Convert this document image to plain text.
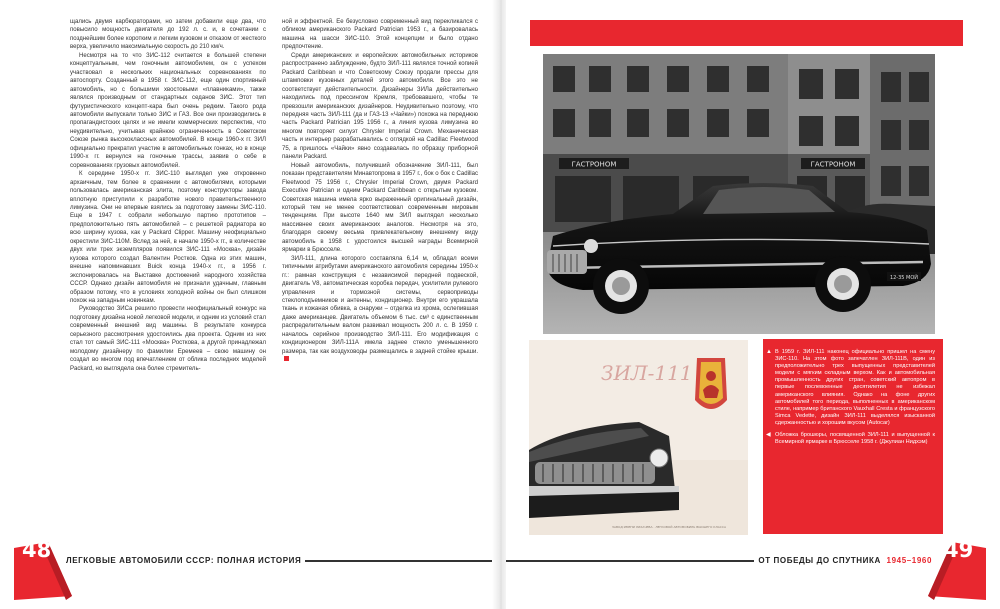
щались двумя карбюраторами, но затем добавили еще два, что повысило мощность двигателя до 192 л. с. и, в сочетании с позднейшим более коротким и легким кузовом и отказом от жесткого верха, увеличило максимальную скорость до 210 км/ч.

Несмотря на то что ЗИС-112 считается в большей степени концептуальным, чем гоночным автомобилем, он с успехом участвовал в нескольких национальных соревнованиях по автоспорту. Созданный в 1958 г. ЗИС-112, еще один спортивный автомобиль, но с большими хвостовыми «плавниками», также являлся производным от стандартных седанов ЗИС. Этот тип футуристического концепт-кара был очень редким. Такого рода автомобили выпускали только ЗИС и ГАЗ. Все они производились в пропагандистских целях и не имели коммерческих перспектив, что неудивительно, учитывая крайнюю ограниченность в Советском Союзе рынка высококлассных автомобилей. В конце 1960-х гг. ЗИЛ официально прекратил участие в автомобильных гонках, но в конце 1990-х гг. вернулся на гоночные трассы, заявив о себе в соревнованиях грузовых автомобилей.

К середине 1950-х гг. ЗИС-110 выглядел уже откровенно архаичным, тем более в сравнении с автомобилями, которыми пользовалась американская элита, поэтому конструкторы завода вплотную приступили к разработке нового правительственного лимузина. Они не впервые взялись за подготовку замены ЗИС-110. Еще в 1947 г. собрали небольшую партию прототипов – предположительно пять автомобилей – с решеткой радиатора во всю ширину кузова, как у Packard Clipper. Машину неофициально окрестили ЗИС-110М. Вслед за ней, в начале 1950-х гг., в количестве двух или трех экземпляров появился ЗИС-111 «Москва», дизайн кузова которого создал Валентин Ростков. Одна из этих машин, внешне напоминавших Buick конца 1940-х гг., в 1956 г. экспонировалась на Выставке достижений народного хозяйства СССР. Однако дизайн автомобиля не признали удачным, главным образом потому, что в условиях холодной войны он был слишком похож на западным новинкам.

Руководство ЗИСа решило провести неофициальный конкурс на подготовку дизайна новой легковой модели, и одним из условий стал современный внешний вид машины. В результате конкурса серьезного рассмотрения удостоились два проекта. Одним из них стал тот самый ЗИС-111 «Москва» Росткова, а другой принадлежал молодому дизайнеру по фамилии Еремеев – свою машину он создал во многом под впечатлением от облика последних моделей Packard, но выглядела она более стремитель-

ной и эффектной. Ее безусловно современный вид перекликался с обликом американского Packard Patrician 1953 г., а базировалась машина на шасси ЗИС-110. Этой концепции и было отдано предпочтение.

Среди американских и европейских автомобильных историков распространено заблуждение, будто ЗИЛ-111 являлся точной копией Packard Caribbean и что Советскому Союзу продали прессы для штамповки кузовных деталей этого автомобиля. Все это не соответствует действительности. Дизайнеры ЗИЛа действительно находились под прессингом Кремля, требовавшего, чтобы те превзошли американских дизайнеров. Неудивительно поэтому, что передняя часть ЗИЛ-111 (да и ГАЗ-13 «Чайки») похожа на переднюю часть Packard Patrician 195 1956 г., а линия кузова лимузина во многом повторяет силуэт Chrysler Imperial Crown. Механическая часть и интерьер разрабатывались с оглядкой на Cadillac Fleetwood 75, а пришлось «Чайки» явно создавалась по образцу приборной панели Packard.

Новый автомобиль, получивший обозначение ЗИЛ-111, был показан представителям Минавтопрома в 1957 г., бок о бок с Cadillac Fleetwood 75 1956 г., Chrysler Imperial Crown, двумя Packard Executive Patrician и одним Packard Caribbean с открытым кузовом. Советская машина имела ярко выраженный оригинальный дизайн, который тем не менее соответствовал современным мировым тенденциям. При высоте 1640 мм ЗИЛ выглядел несколько массивнее своих американских аналогов. Несмотря на это, благодаря своему весьма привлекательному внешнему виду автомобиль в 1958 г. удостоился высшей награды Всемирной ярмарки в Брюсселе.

ЗИЛ-111, длина которого составляла 6,14 м, обладал всеми типичными атрибутами американского автомобиля середины 1950-х гг.: рамная конструкция с независимой передней подвеской, двигатель V8, автоматическая коробка передач, усилители рулевого управления и тормозной системы, сервоприводы стеклоподъемников и антенны, кондиционер. Внутри его украшала ткань и кожаная обивка, а снаружи – отделка из хрома, ослепившая даже американцев. Двигатель объемом 6 тыс. см³ с единственным распределительным валом развивал мощность 200 л. с. В 1959 г. началось серийное производство ЗИЛ-111. Его модификация с кондиционером ЗИЛ-111А имела заднее стекло уменьшенного размера, так как воздуховоды размещались в задней стойке крыши.

48	ЛЕГКОВЫЕ АВТОМОБИЛИ СССР: ПОЛНАЯ ИСТОРИЯ
ГАСТРОНОМ	ГАСТРОНОМ
12-35 МОЙ
ЗИЛ-111
ЗАВОД ИМЕНИ ЛИХАЧЕВА · ЛЕГКОВОЙ АВТОМОБИЛЬ ВЫСШЕГО КЛАССА

▲ В 1959 г. ЗИЛ-111 наконец официально пришел на смену ЗИС-110. На этом фото запечатлен ЗИЛ-111В, один из предположительно трех выпущенных представителей модели с мягким складным верхом. Как и автомобильная промышленность других стран, советский автопром в первые послевоенные десятилетия не избежал американского влияния. Однако на фоне других автомобилей того периода, выполненных в американском стиле, например британского Vauxhall Cresta и французского Simca Vedette, дизайн ЗИЛ-111 выделялся изысканной сдержанностью и хорошим вкусом (Autocar)

◀ Обложка брошюры, посвященной ЗИЛ-111 и выпущенной к Всемирной ярмарке в Брюсселе 1958 г. (Джулиан Нидхэм)

ОТ ПОБЕДЫ ДО СПУТНИКА 1945–1960 49
